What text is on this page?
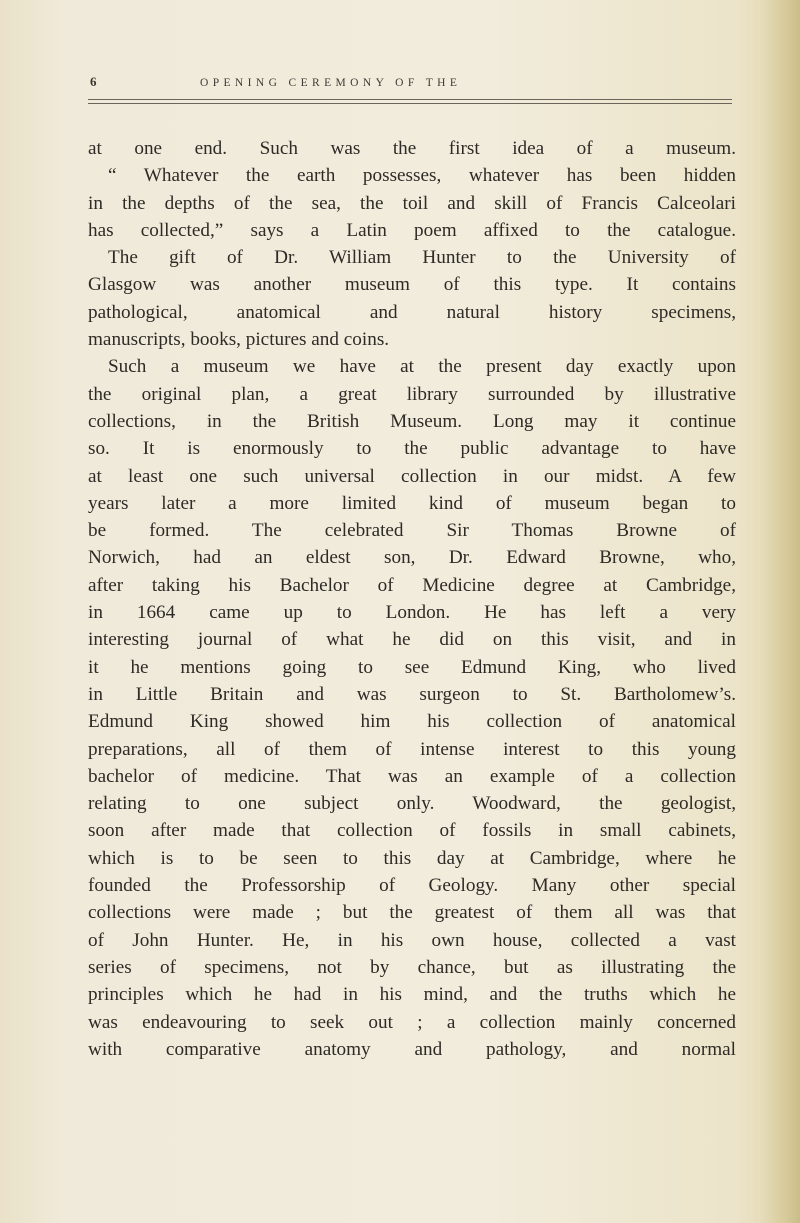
6	OPENING CEREMONY OF THE
at one end. Such was the first idea of a museum.
“ Whatever the earth possesses, whatever has been hidden
in the depths of the sea, the toil and skill of Francis Calceolari
has collected,” says a Latin poem affixed to the catalogue.
The gift of Dr. William Hunter to the University of
Glasgow was another museum of this type. It contains
pathological, anatomical and natural history specimens,
manuscripts, books, pictures and coins.
Such a museum we have at the present day exactly upon
the original plan, a great library surrounded by illustrative
collections, in the British Museum. Long may it continue
so. It is enormously to the public advantage to have
at least one such universal collection in our midst. A few
years later a more limited kind of museum began to
be formed. The celebrated Sir Thomas Browne of
Norwich, had an eldest son, Dr. Edward Browne, who,
after taking his Bachelor of Medicine degree at Cambridge,
in 1664 came up to London. He has left a very
interesting journal of what he did on this visit, and in
it he mentions going to see Edmund King, who lived
in Little Britain and was surgeon to St. Bartholomew’s.
Edmund King showed him his collection of anatomical
preparations, all of them of intense interest to this young
bachelor of medicine. That was an example of a collection
relating to one subject only. Woodward, the geologist,
soon after made that collection of fossils in small cabinets,
which is to be seen to this day at Cambridge, where he
founded the Professorship of Geology. Many other special
collections were made ; but the greatest of them all was that
of John Hunter. He, in his own house, collected a vast
series of specimens, not by chance, but as illustrating the
principles which he had in his mind, and the truths which he
was endeavouring to seek out ; a collection mainly concerned
with comparative anatomy and pathology, and normal
